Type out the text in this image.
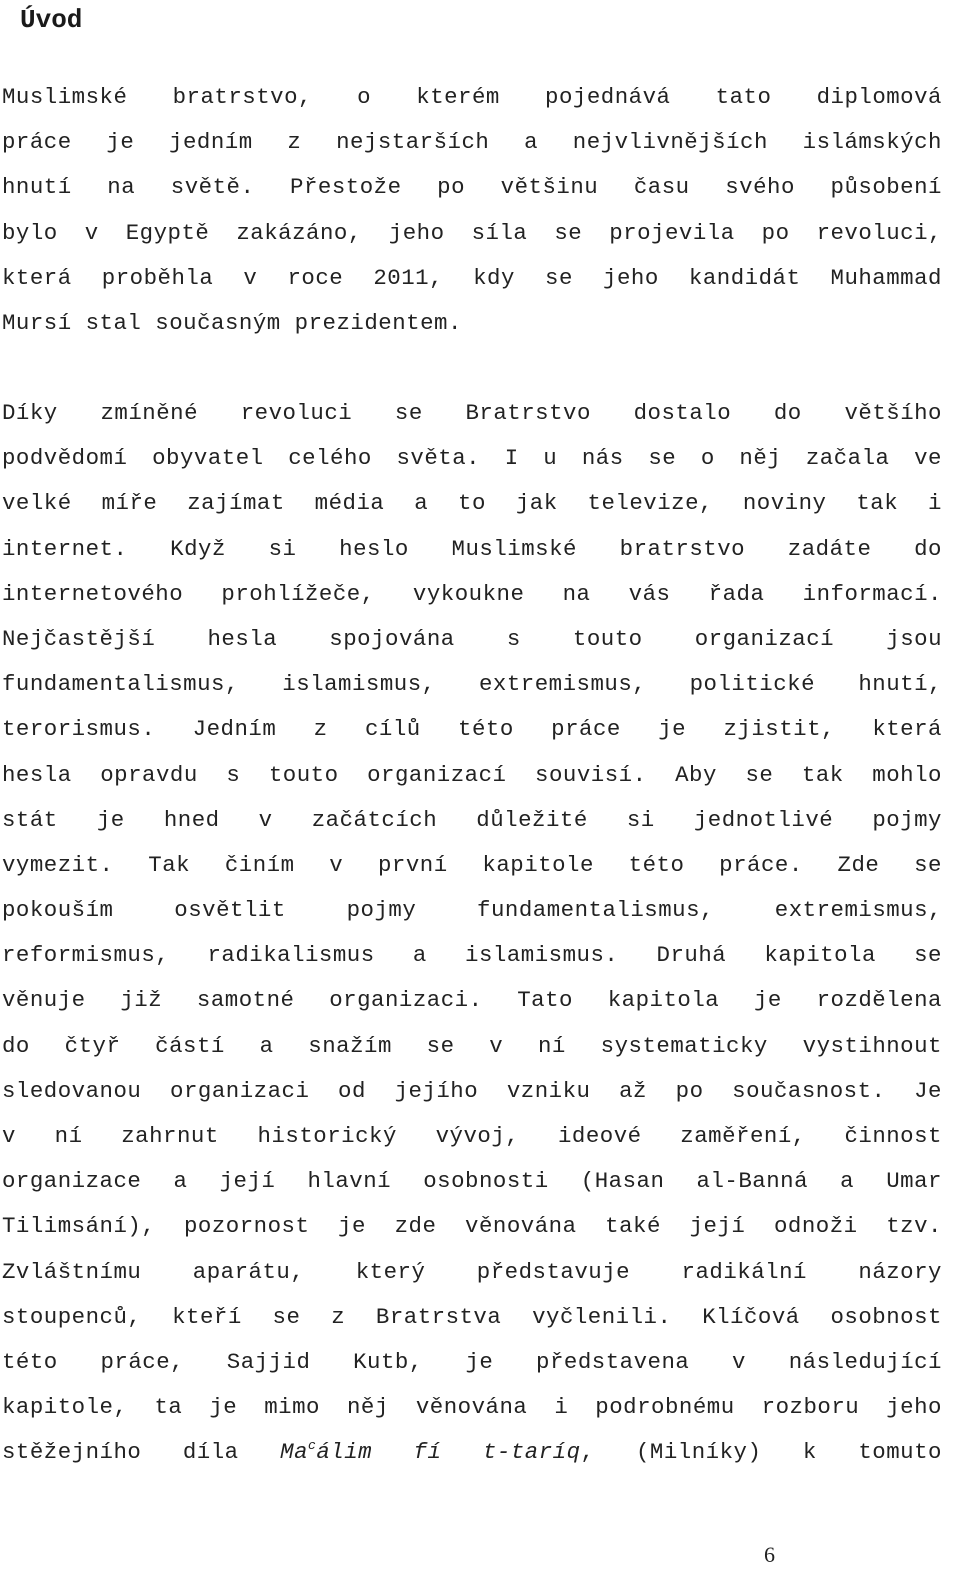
Úvod

Muslimské bratrstvo, o kterém pojednává tato diplomová
práce je jedním z nejstarších a nejvlivnějších islámských
hnutí na světě. Přestože po většinu času svého působení
bylo v Egyptě zakázáno, jeho síla se projevila po revoluci,
která proběhla v roce 2011, kdy se jeho kandidát Muhammad
Mursí stal současným prezidentem.

Díky zmíněné revoluci se Bratrstvo dostalo do většího
podvědomí obyvatel celého světa. I u nás se o něj začala ve
velké míře zajímat média a to jak televize, noviny tak i
internet. Když si heslo Muslimské bratrstvo zadáte do
internetového prohlížeče, vykoukne na vás řada informací.
Nejčastější hesla spojována s touto organizací jsou
fundamentalismus, islamismus, extremismus, politické hnutí,
terorismus. Jedním z cílů této práce je zjistit, která
hesla opravdu s touto organizací souvisí. Aby se tak mohlo
stát je hned v začátcích důležité si jednotlivé pojmy
vymezit. Tak činím v první kapitole této práce. Zde se
pokouším osvětlit pojmy fundamentalismus, extremismus,
reformismus, radikalismus a islamismus. Druhá kapitola se
věnuje již samotné organizaci. Tato kapitola je rozdělena
do čtyř částí a snažím se v ní systematicky vystihnout
sledovanou organizaci od jejího vzniku až po současnost. Je
v ní zahrnut historický vývoj, ideové zaměření, činnost
organizace a její hlavní osobnosti (Hasan al-Banná a Umar
Tilimsání), pozornost je zde věnována také její odnoži tzv.
Zvláštnímu aparátu, který představuje radikální názory
stoupenců, kteří se z Bratrstva vyčlenili. Klíčová osobnost
této práce, Sajjid Kutb, je představena v následující
kapitole, ta je mimo něj věnována i podrobnému rozboru jeho
stěžejního díla Ma$^c$álim fí t-taríq, (Milníky) k tomuto

6
